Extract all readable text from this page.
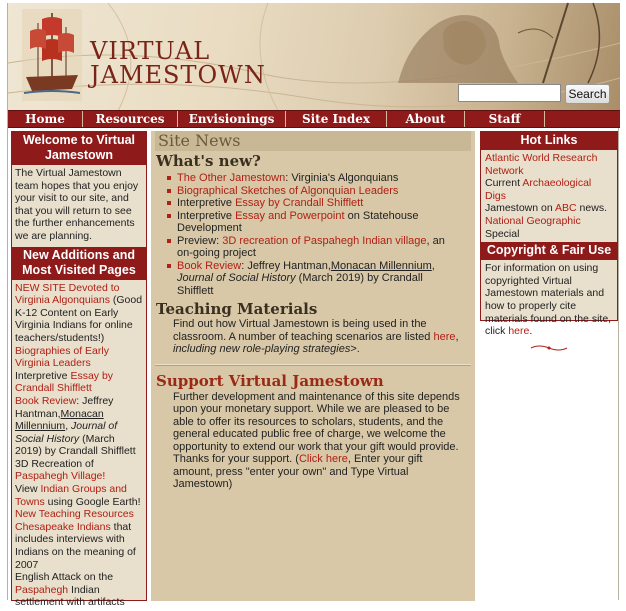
VIRTUAL
JAMESTOWN
Search
Home	Resources	Envisionings	Site Index	About	Staff
Welcome to Virtual Jamestown
The Virtual Jamestown team hopes that you enjoy your visit to our site, and that you will return to see the further enhancements we are planning.
New Additions and Most Visited Pages
NEW SITE Devoted to Virginia Algonquians (Good K-12 Content on Early Virginia Indians for online teachers/students!)
Biographies of Early Virginia Leaders
Interpretive Essay by Crandall Shifflett
Book Review: Jeffrey Hantman,Monacan Millennium, Journal of Social History (March 2019) by Crandall Shifflett
3D Recreation of Paspahegh Village!
View Indian Groups and Towns using Google Earth!
New Teaching Resources
Chesapeake Indians that includes interviews with Indians on the meaning of 2007
English Attack on the Paspahegh Indian settlement with artifacts
Site News
What's new?
The Other Jamestown: Virginia's Algonquians
Biographical Sketches of Algonquian Leaders
Interpretive Essay by Crandall Shifflett
Interpretive Essay and Powerpoint on Statehouse Development
Preview: 3D recreation of Paspahegh Indian village, an on-going project
Book Review: Jeffrey Hantman,Monacan Millennium, Journal of Social History (March 2019) by Crandall Shifflett
Teaching Materials
Find out how Virtual Jamestown is being used in the classroom. A number of teaching scenarios are listed here, including new role-playing strategies>.
Support Virtual Jamestown
Further development and maintenance of this site depends upon your monetary support. While we are pleased to be able to offer its resources to scholars, students, and the general educated public free of charge, we welcome the opportunity to extend our work that your gift would provide. Thanks for your support. (Click here, Enter your gift amount, press "enter your own" and Type Virtual Jamestown)
Hot Links
Atlantic World Research Network
Current Archaeological Digs
Jamestown on ABC news.
National Geographic Special
Copyright & Fair Use
For information on using copyrighted Virtual Jamestown materials and how to properly cite materials found on the site, click here.
